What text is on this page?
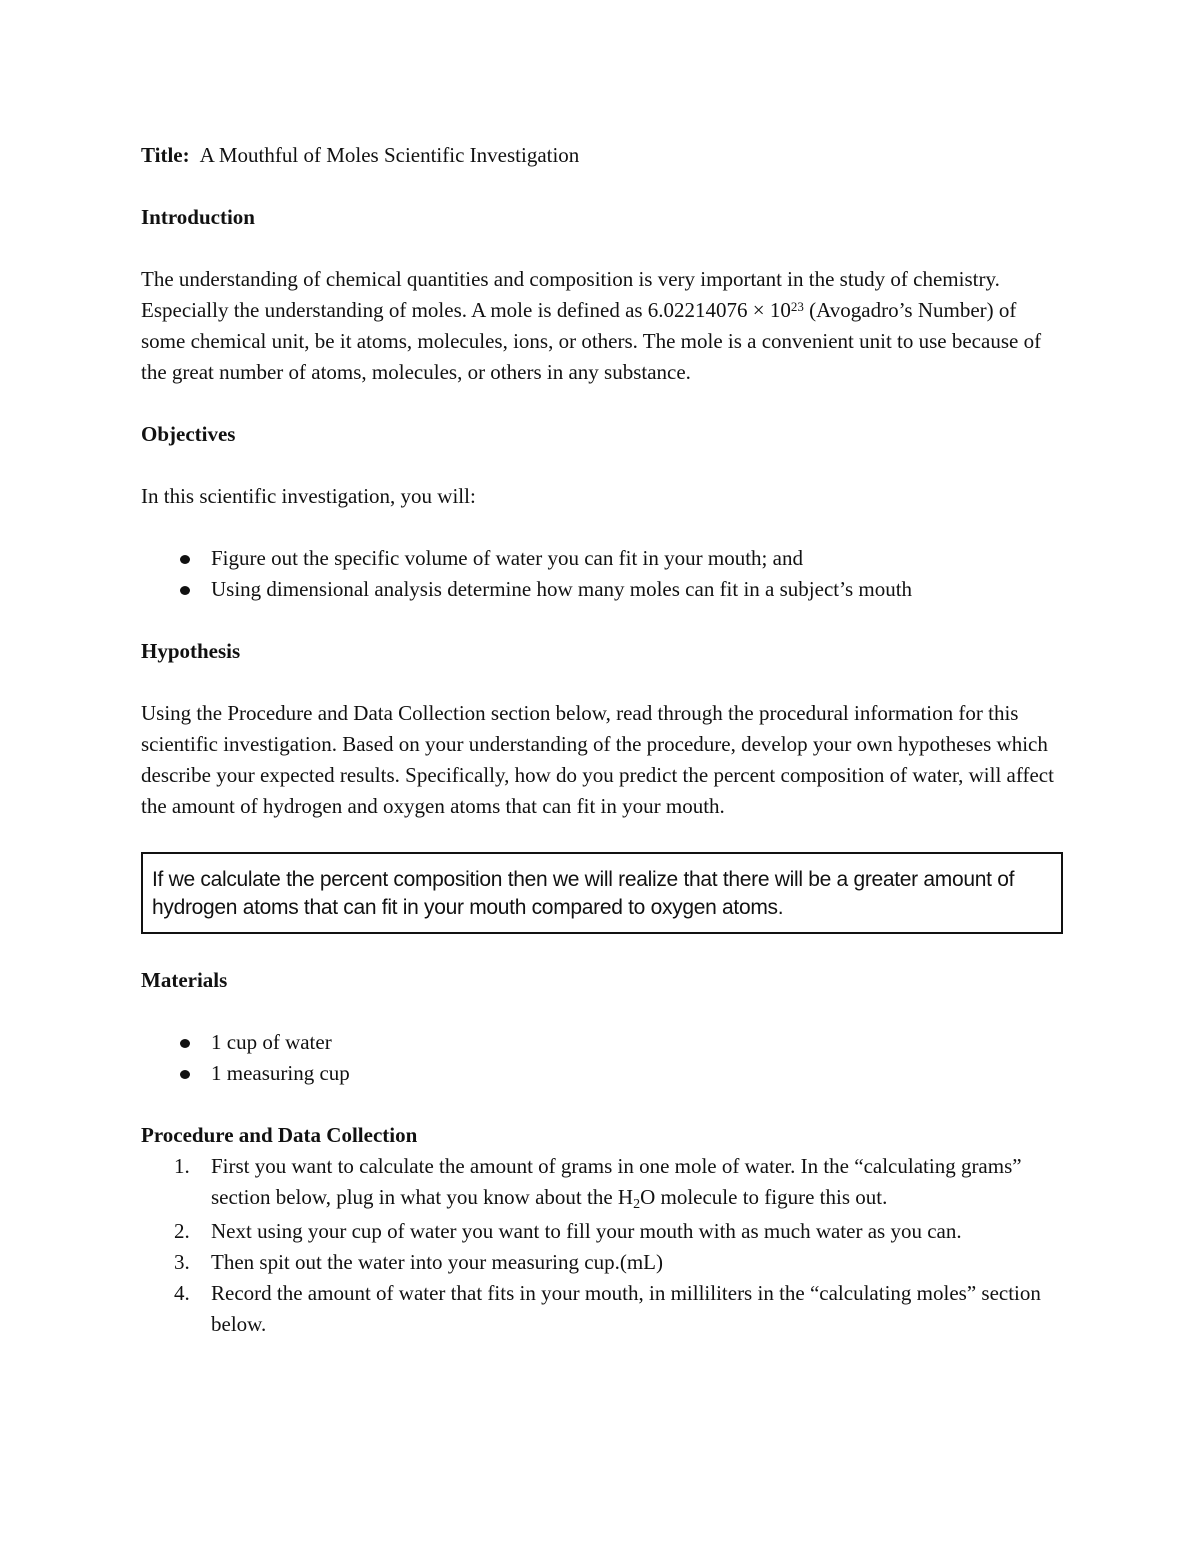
Title: A Mouthful of Moles Scientific Investigation

Introduction

The understanding of chemical quantities and composition is very important in the study of chemistry. Especially the understanding of moles. A mole is defined as $6.02214076 \times 10^{23}$ (Avogadro’s Number) of some chemical unit, be it atoms, molecules, ions, or others. The mole is a convenient unit to use because of the great number of atoms, molecules, or others in any substance.

Objectives

In this scientific investigation, you will:

Figure out the specific volume of water you can fit in your mouth; and
Using dimensional analysis determine how many moles can fit in a subject’s mouth
Hypothesis

Using the Procedure and Data Collection section below, read through the procedural information for this scientific investigation. Based on your understanding of the procedure, develop your own hypotheses which describe your expected results. Specifically, how do you predict the percent composition of water, will affect the amount of hydrogen and oxygen atoms that can fit in your mouth.

If we calculate the percent composition then we will realize that there will be a greater amount of hydrogen atoms that can fit in your mouth compared to oxygen atoms.
Materials
1 cup of water
1 measuring cup
Procedure and Data Collection
1. First you want to calculate the amount of grams in one mole of water. In the “calculating grams” section below, plug in what you know about the H2O molecule to figure this out.
2. Next using your cup of water you want to fill your mouth with as much water as you can.
3. Then spit out the water into your measuring cup.(mL)
4. Record the amount of water that fits in your mouth, in milliliters in the “calculating moles” section below.
